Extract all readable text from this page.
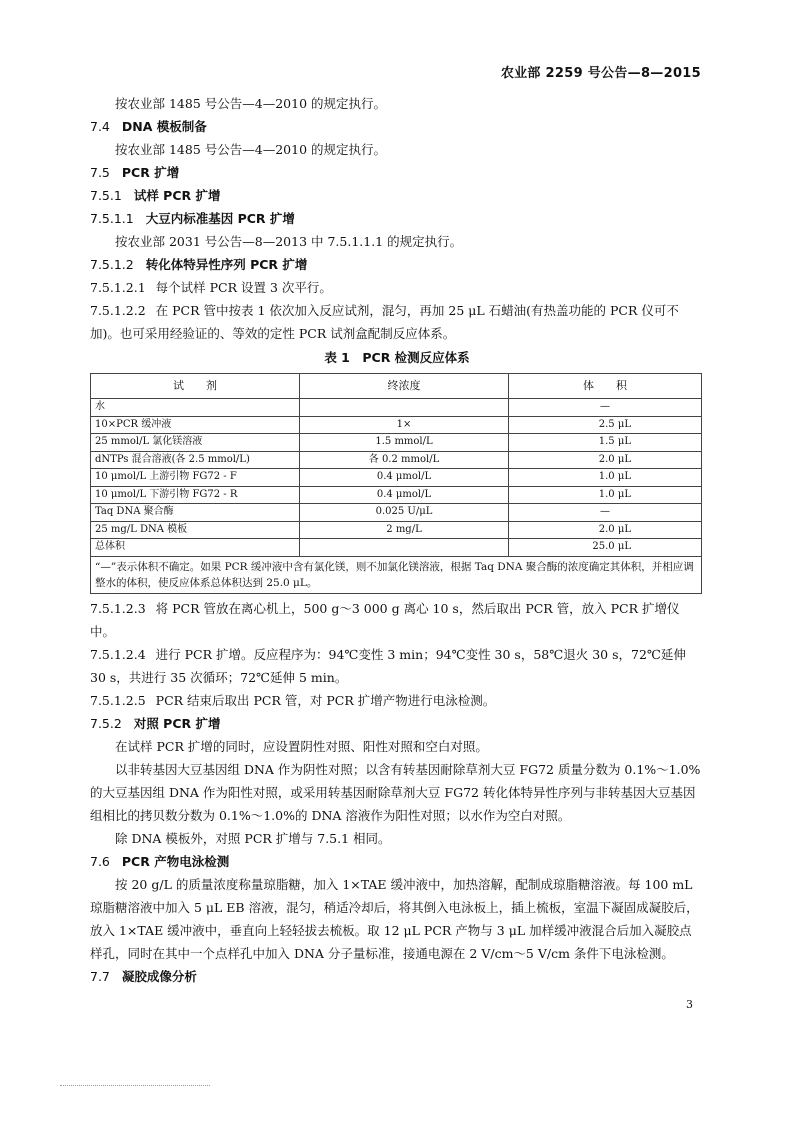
农业部 2259 号公告—8—2015

按农业部 1485 号公告—4—2010 的规定执行。

7.4 DNA 模板制备

按农业部 1485 号公告—4—2010 的规定执行。

7.5 PCR 扩增

7.5.1 试样 PCR 扩增

7.5.1.1 大豆内标准基因 PCR 扩增

按农业部 2031 号公告—8—2013 中 7.5.1.1.1 的规定执行。

7.5.1.2 转化体特异性序列 PCR 扩增

7.5.1.2.1 每个试样 PCR 设置 3 次平行。

7.5.1.2.2 在 PCR 管中按表 1 依次加入反应试剂，混匀，再加 25 μL 石蜡油(有热盖功能的 PCR 仪可不加)。也可采用经验证的、等效的定性 PCR 试剂盒配制反应体系。

表 1　PCR 检测反应体系
试　　剂	终浓度	体　　积
水		—
10×PCR 缓冲液	1×	2.5 μL
25 mmol/L 氯化镁溶液	1.5 mmol/L	1.5 μL
dNTPs 混合溶液(各 2.5 mmol/L)	各 0.2 mmol/L	2.0 μL
10 μmol/L 上游引物 FG72 - F	0.4 μmol/L	1.0 μL
10 μmol/L 下游引物 FG72 - R	0.4 μmol/L	1.0 μL
Taq DNA 聚合酶	0.025 U/μL	—
25 mg/L DNA 模板	2 mg/L	2.0 μL
总体积		25.0 μL
“—”表示体积不确定。如果 PCR 缓冲液中含有氯化镁，则不加氯化镁溶液，根据 Taq DNA 聚合酶的浓度确定其体积，并相应调整水的体积，使反应体系总体积达到 25.0 μL。		

7.5.1.2.3 将 PCR 管放在离心机上，500 g～3 000 g 离心 10 s，然后取出 PCR 管，放入 PCR 扩增仪中。

7.5.1.2.4 进行 PCR 扩增。反应程序为：94℃变性 3 min；94℃变性 30 s，58℃退火 30 s，72℃延伸 30 s，共进行 35 次循环；72℃延伸 5 min。

7.5.1.2.5 PCR 结束后取出 PCR 管，对 PCR 扩增产物进行电泳检测。

7.5.2 对照 PCR 扩增

在试样 PCR 扩增的同时，应设置阴性对照、阳性对照和空白对照。

以非转基因大豆基因组 DNA 作为阴性对照；以含有转基因耐除草剂大豆 FG72 质量分数为 0.1%～1.0%的大豆基因组 DNA 作为阳性对照，或采用转基因耐除草剂大豆 FG72 转化体特异性序列与非转基因大豆基因组相比的拷贝数分数为 0.1%～1.0%的 DNA 溶液作为阳性对照；以水作为空白对照。

除 DNA 模板外，对照 PCR 扩增与 7.5.1 相同。

7.6 PCR 产物电泳检测

按 20 g/L 的质量浓度称量琼脂糖，加入 1×TAE 缓冲液中，加热溶解，配制成琼脂糖溶液。每 100 mL 琼脂糖溶液中加入 5 μL EB 溶液，混匀，稍适冷却后，将其倒入电泳板上，插上梳板，室温下凝固成凝胶后，放入 1×TAE 缓冲液中，垂直向上轻轻拔去梳板。取 12 μL PCR 产物与 3 μL 加样缓冲液混合后加入凝胶点样孔，同时在其中一个点样孔中加入 DNA 分子量标准，接通电源在 2 V/cm～5 V/cm 条件下电泳检测。

7.7 凝胶成像分析

3
